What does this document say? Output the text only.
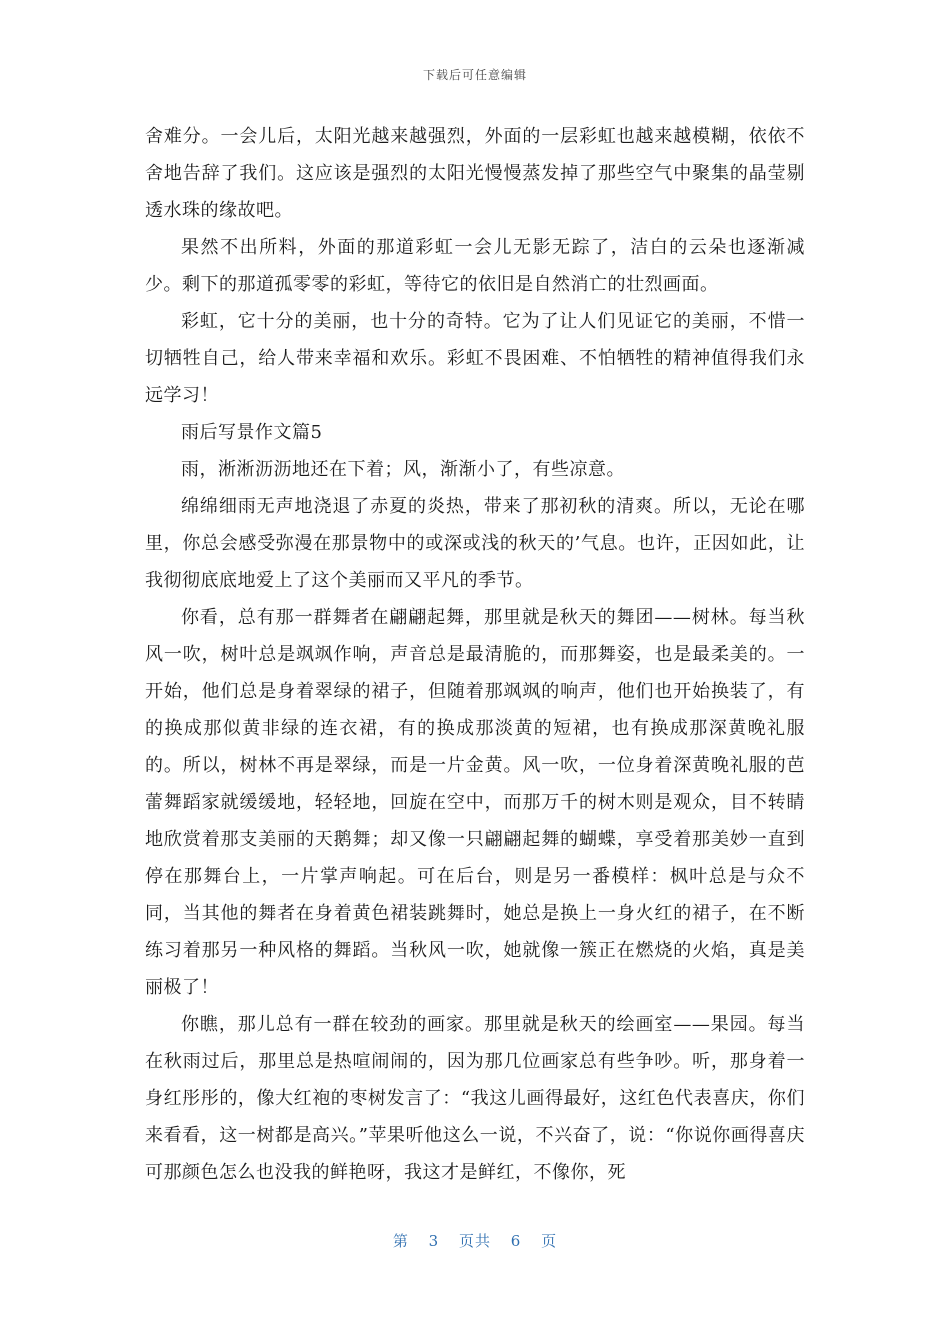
下载后可任意编辑

舍难分。一会儿后，太阳光越来越强烈，外面的一层彩虹也越来越模糊，依依不舍地告辞了我们。这应该是强烈的太阳光慢慢蒸发掉了那些空气中聚集的晶莹剔透水珠的缘故吧。

果然不出所料，外面的那道彩虹一会儿无影无踪了，洁白的云朵也逐渐减少。剩下的那道孤零零的彩虹，等待它的依旧是自然消亡的壮烈画面。

彩虹，它十分的美丽，也十分的奇特。它为了让人们见证它的美丽，不惜一切牺牲自己，给人带来幸福和欢乐。彩虹不畏困难、不怕牺牲的精神值得我们永远学习！

雨后写景作文篇5

雨，淅淅沥沥地还在下着；风，渐渐小了，有些凉意。

绵绵细雨无声地浇退了赤夏的炎热，带来了那初秋的清爽。所以，无论在哪里，你总会感受弥漫在那景物中的或深或浅的秋天的’气息。也许，正因如此，让我彻彻底底地爱上了这个美丽而又平凡的季节。

你看，总有那一群舞者在翩翩起舞，那里就是秋天的舞团——树林。每当秋风一吹，树叶总是飒飒作响，声音总是最清脆的，而那舞姿，也是最柔美的。一开始，他们总是身着翠绿的裙子，但随着那飒飒的响声，他们也开始换装了，有的换成那似黄非绿的连衣裙，有的换成那淡黄的短裙，也有换成那深黄晚礼服的。所以，树林不再是翠绿，而是一片金黄。风一吹，一位身着深黄晚礼服的芭蕾舞蹈家就缓缓地，轻轻地，回旋在空中，而那万千的树木则是观众，目不转睛地欣赏着那支美丽的天鹅舞；却又像一只翩翩起舞的蝴蝶，享受着那美妙一直到停在那舞台上，一片掌声响起。可在后台，则是另一番模样：枫叶总是与众不同，当其他的舞者在身着黄色裙装跳舞时，她总是换上一身火红的裙子，在不断练习着那另一种风格的舞蹈。当秋风一吹，她就像一簇正在燃烧的火焰，真是美丽极了！

你瞧，那儿总有一群在较劲的画家。那里就是秋天的绘画室——果园。每当在秋雨过后，那里总是热喧闹闹的，因为那几位画家总有些争吵。听，那身着一身红彤彤的，像大红袍的枣树发言了：“我这儿画得最好，这红色代表喜庆，你们来看看，这一树都是高兴。”苹果听他这么一说，不兴奋了，说：“你说你画得喜庆可那颜色怎么也没我的鲜艳呀，我这才是鲜红，不像你，死

第 3 页共 6 页
